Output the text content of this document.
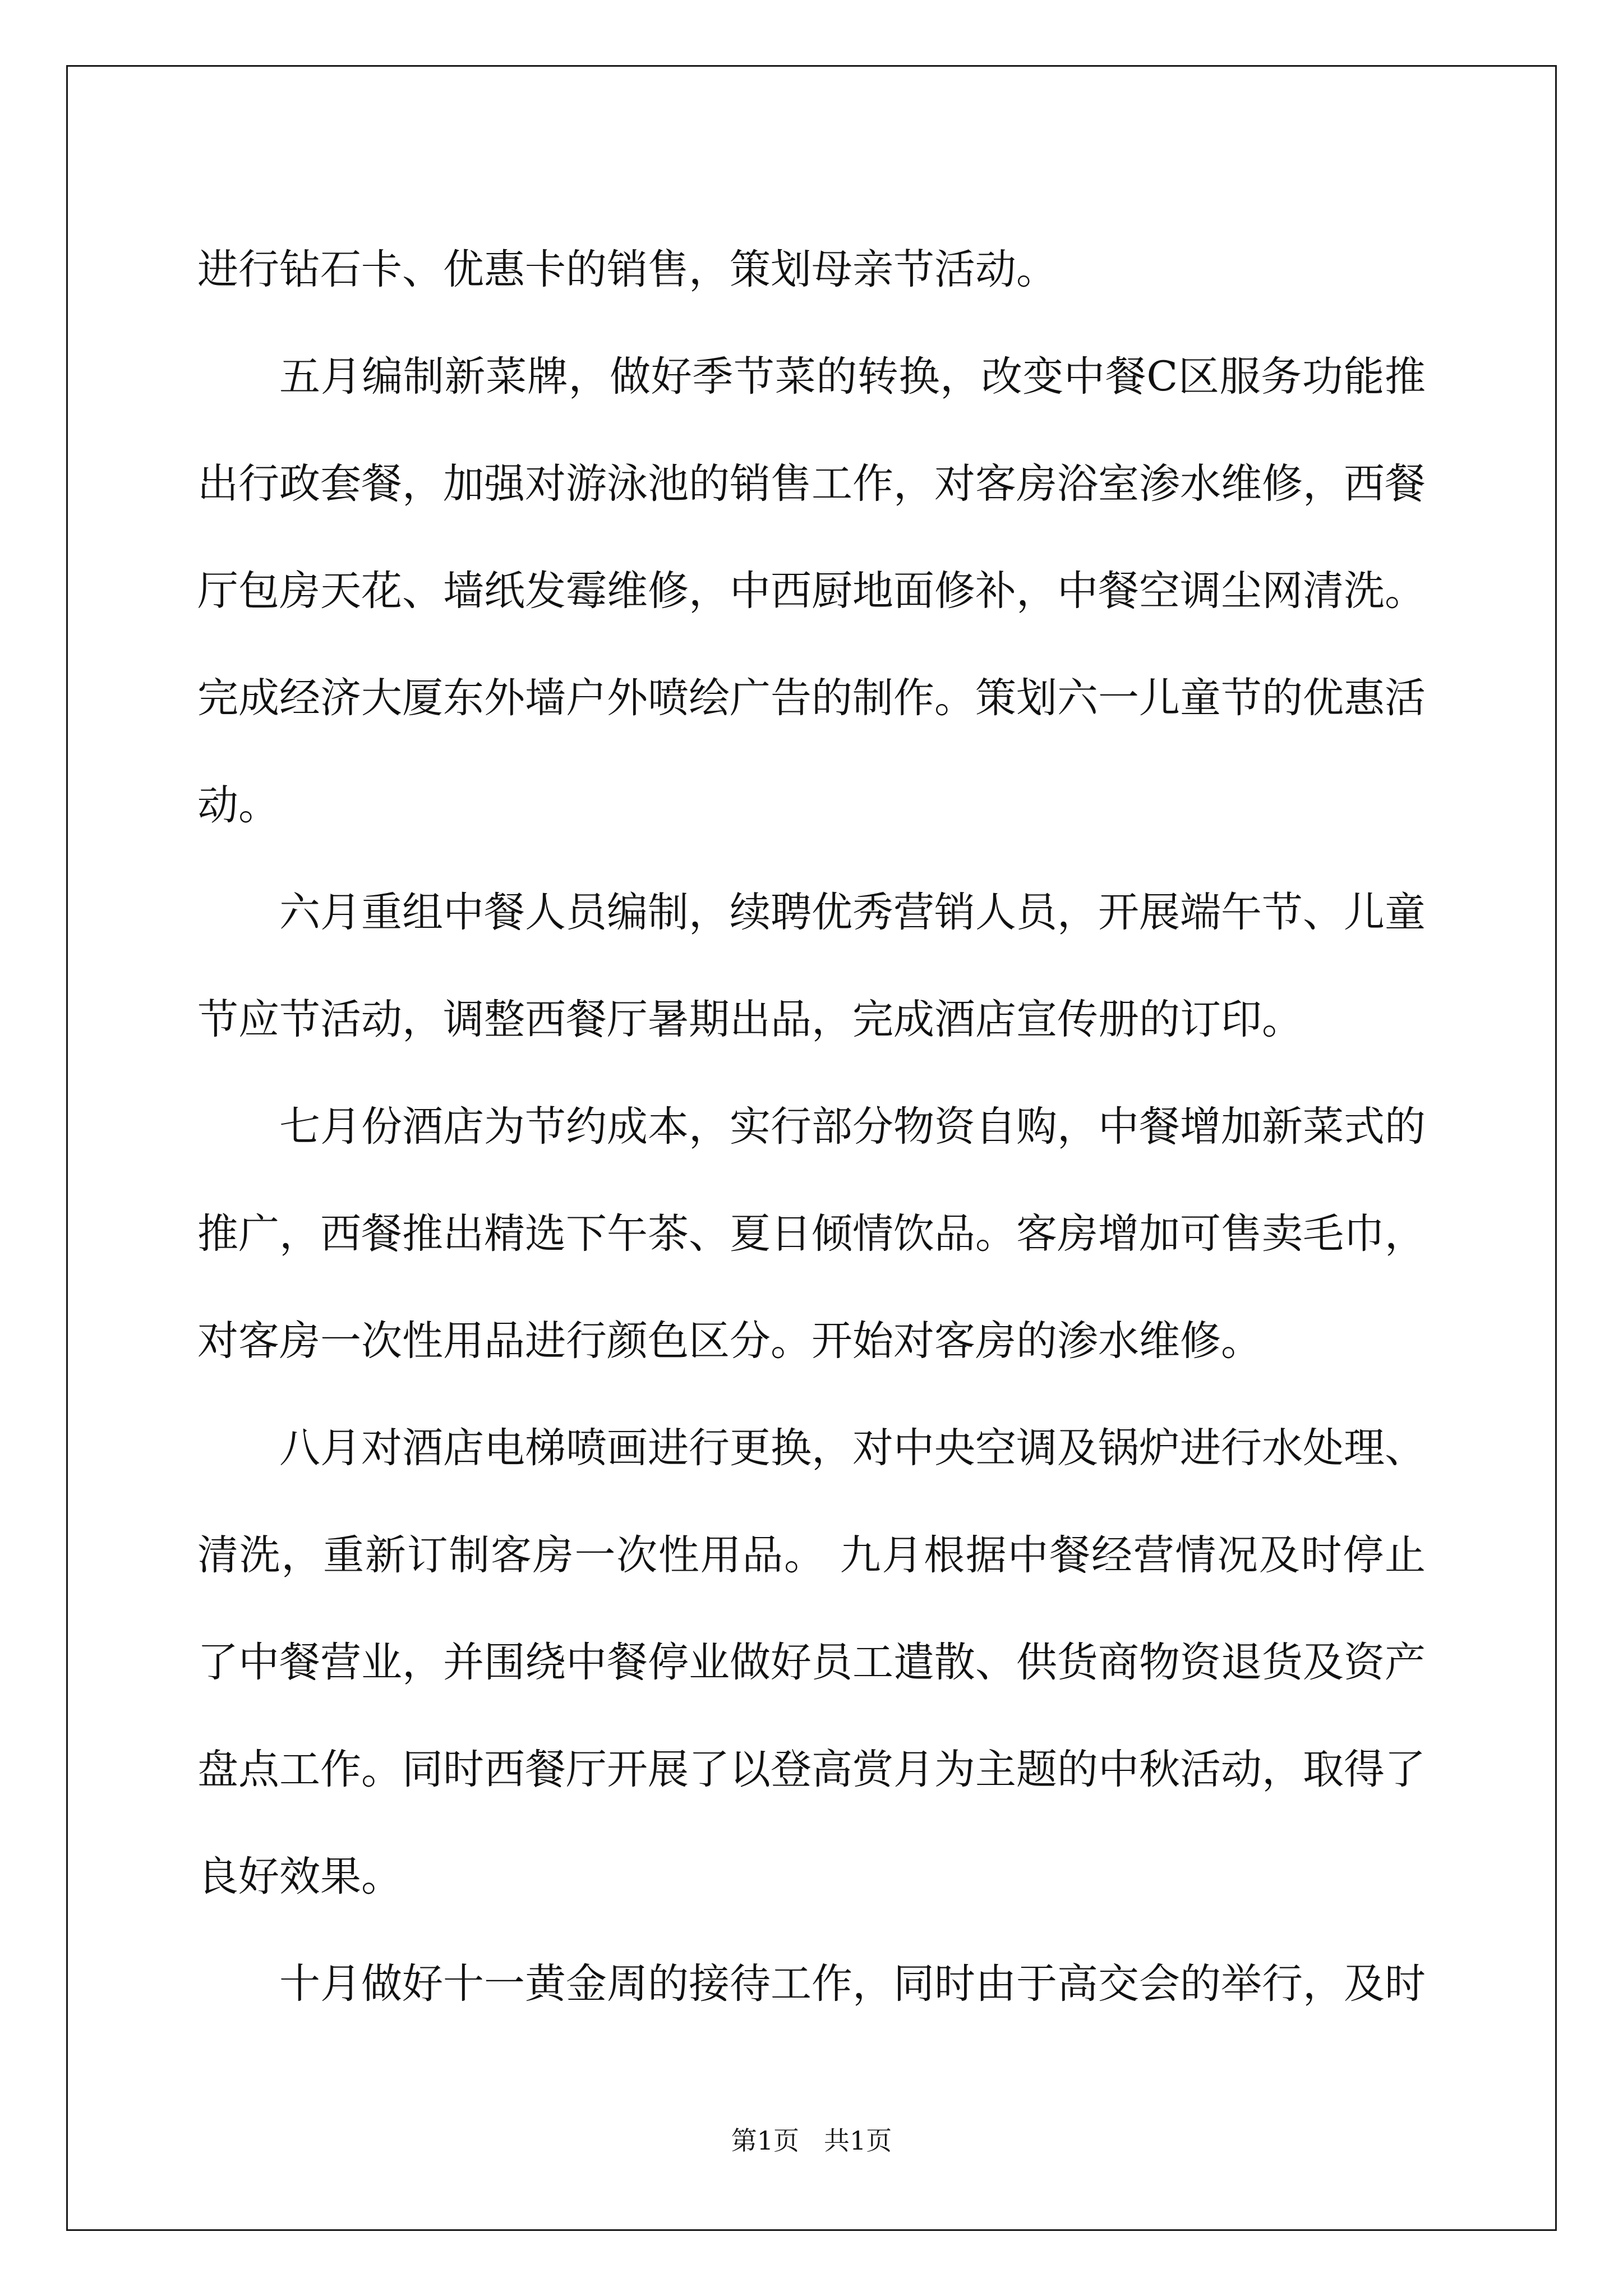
进行钻石卡、优惠卡的销售，策划母亲节活动。

五月编制新菜牌，做好季节菜的转换，改变中餐C区服务功能推出行政套餐，加强对游泳池的销售工作，对客房浴室渗水维修，西餐厅包房天花、墙纸发霉维修，中西厨地面修补，中餐空调尘网清洗。完成经济大厦东外墙户外喷绘广告的制作。策划六一儿童节的优惠活动。

六月重组中餐人员编制，续聘优秀营销人员，开展端午节、儿童节应节活动，调整西餐厅暑期出品，完成酒店宣传册的订印。

七月份酒店为节约成本，实行部分物资自购，中餐增加新菜式的推广，西餐推出精选下午茶、夏日倾情饮品。客房增加可售卖毛巾，对客房一次性用品进行颜色区分。开始对客房的渗水维修。

八月对酒店电梯喷画进行更换，对中央空调及锅炉进行水处理、清洗，重新订制客房一次性用品。 九月根据中餐经营情况及时停止了中餐营业，并围绕中餐停业做好员工遣散、供货商物资退货及资产盘点工作。同时西餐厅开展了以登高赏月为主题的中秋活动，取得了良好效果。

十月做好十一黄金周的接待工作，同时由于高交会的举行，及时

第1页 共1页
